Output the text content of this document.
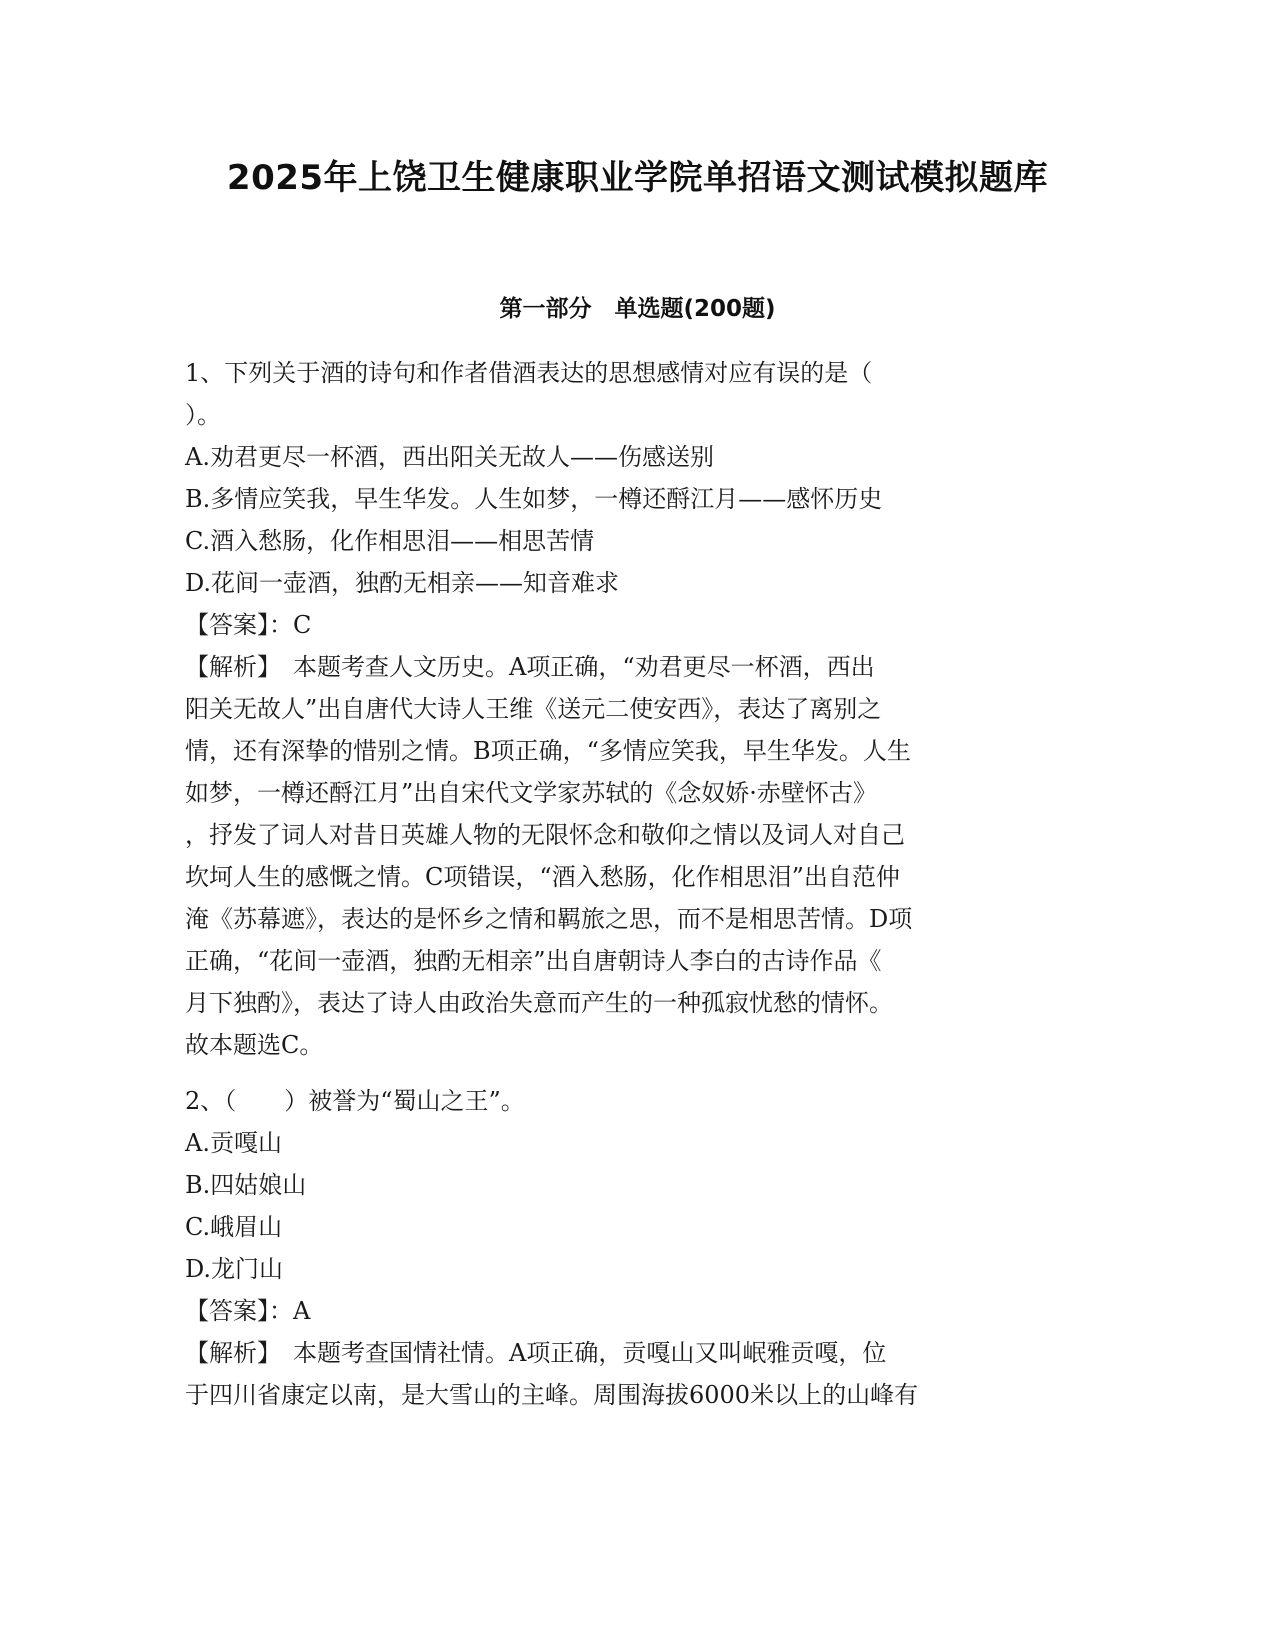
2025年上饶卫生健康职业学院单招语文测试模拟题库
第一部分　单选题(200题)
1、下列关于酒的诗句和作者借酒表达的思想感情对应有误的是（
）。
A.劝君更尽一杯酒，西出阳关无故人——伤感送别
B.多情应笑我，早生华发。人生如梦，一樽还酹江月——感怀历史
C.酒入愁肠，化作相思泪——相思苦情
D.花间一壶酒，独酌无相亲——知音难求
【答案】：C
【解析】　本题考查人文历史。A项正确，“劝君更尽一杯酒，西出
阳关无故人”出自唐代大诗人王维《送元二使安西》，表达了离别之
情，还有深挚的惜别之情。B项正确，“多情应笑我，早生华发。人生
如梦，一樽还酹江月”出自宋代文学家苏轼的《念奴娇·赤壁怀古》
，抒发了词人对昔日英雄人物的无限怀念和敬仰之情以及词人对自己
坎坷人生的感慨之情。C项错误，“酒入愁肠，化作相思泪”出自范仲
淹《苏幕遮》，表达的是怀乡之情和羁旅之思，而不是相思苦情。D项
正确，“花间一壶酒，独酌无相亲”出自唐朝诗人李白的古诗作品《
月下独酌》，表达了诗人由政治失意而产生的一种孤寂忧愁的情怀。
故本题选C。
2、（　　）被誉为“蜀山之王”。
A.贡嘎山
B.四姑娘山
C.峨眉山
D.龙门山
【答案】：A
【解析】　本题考查国情社情。A项正确，贡嘎山又叫岷雅贡嘎，位
于四川省康定以南，是大雪山的主峰。周围海拔6000米以上的山峰有
